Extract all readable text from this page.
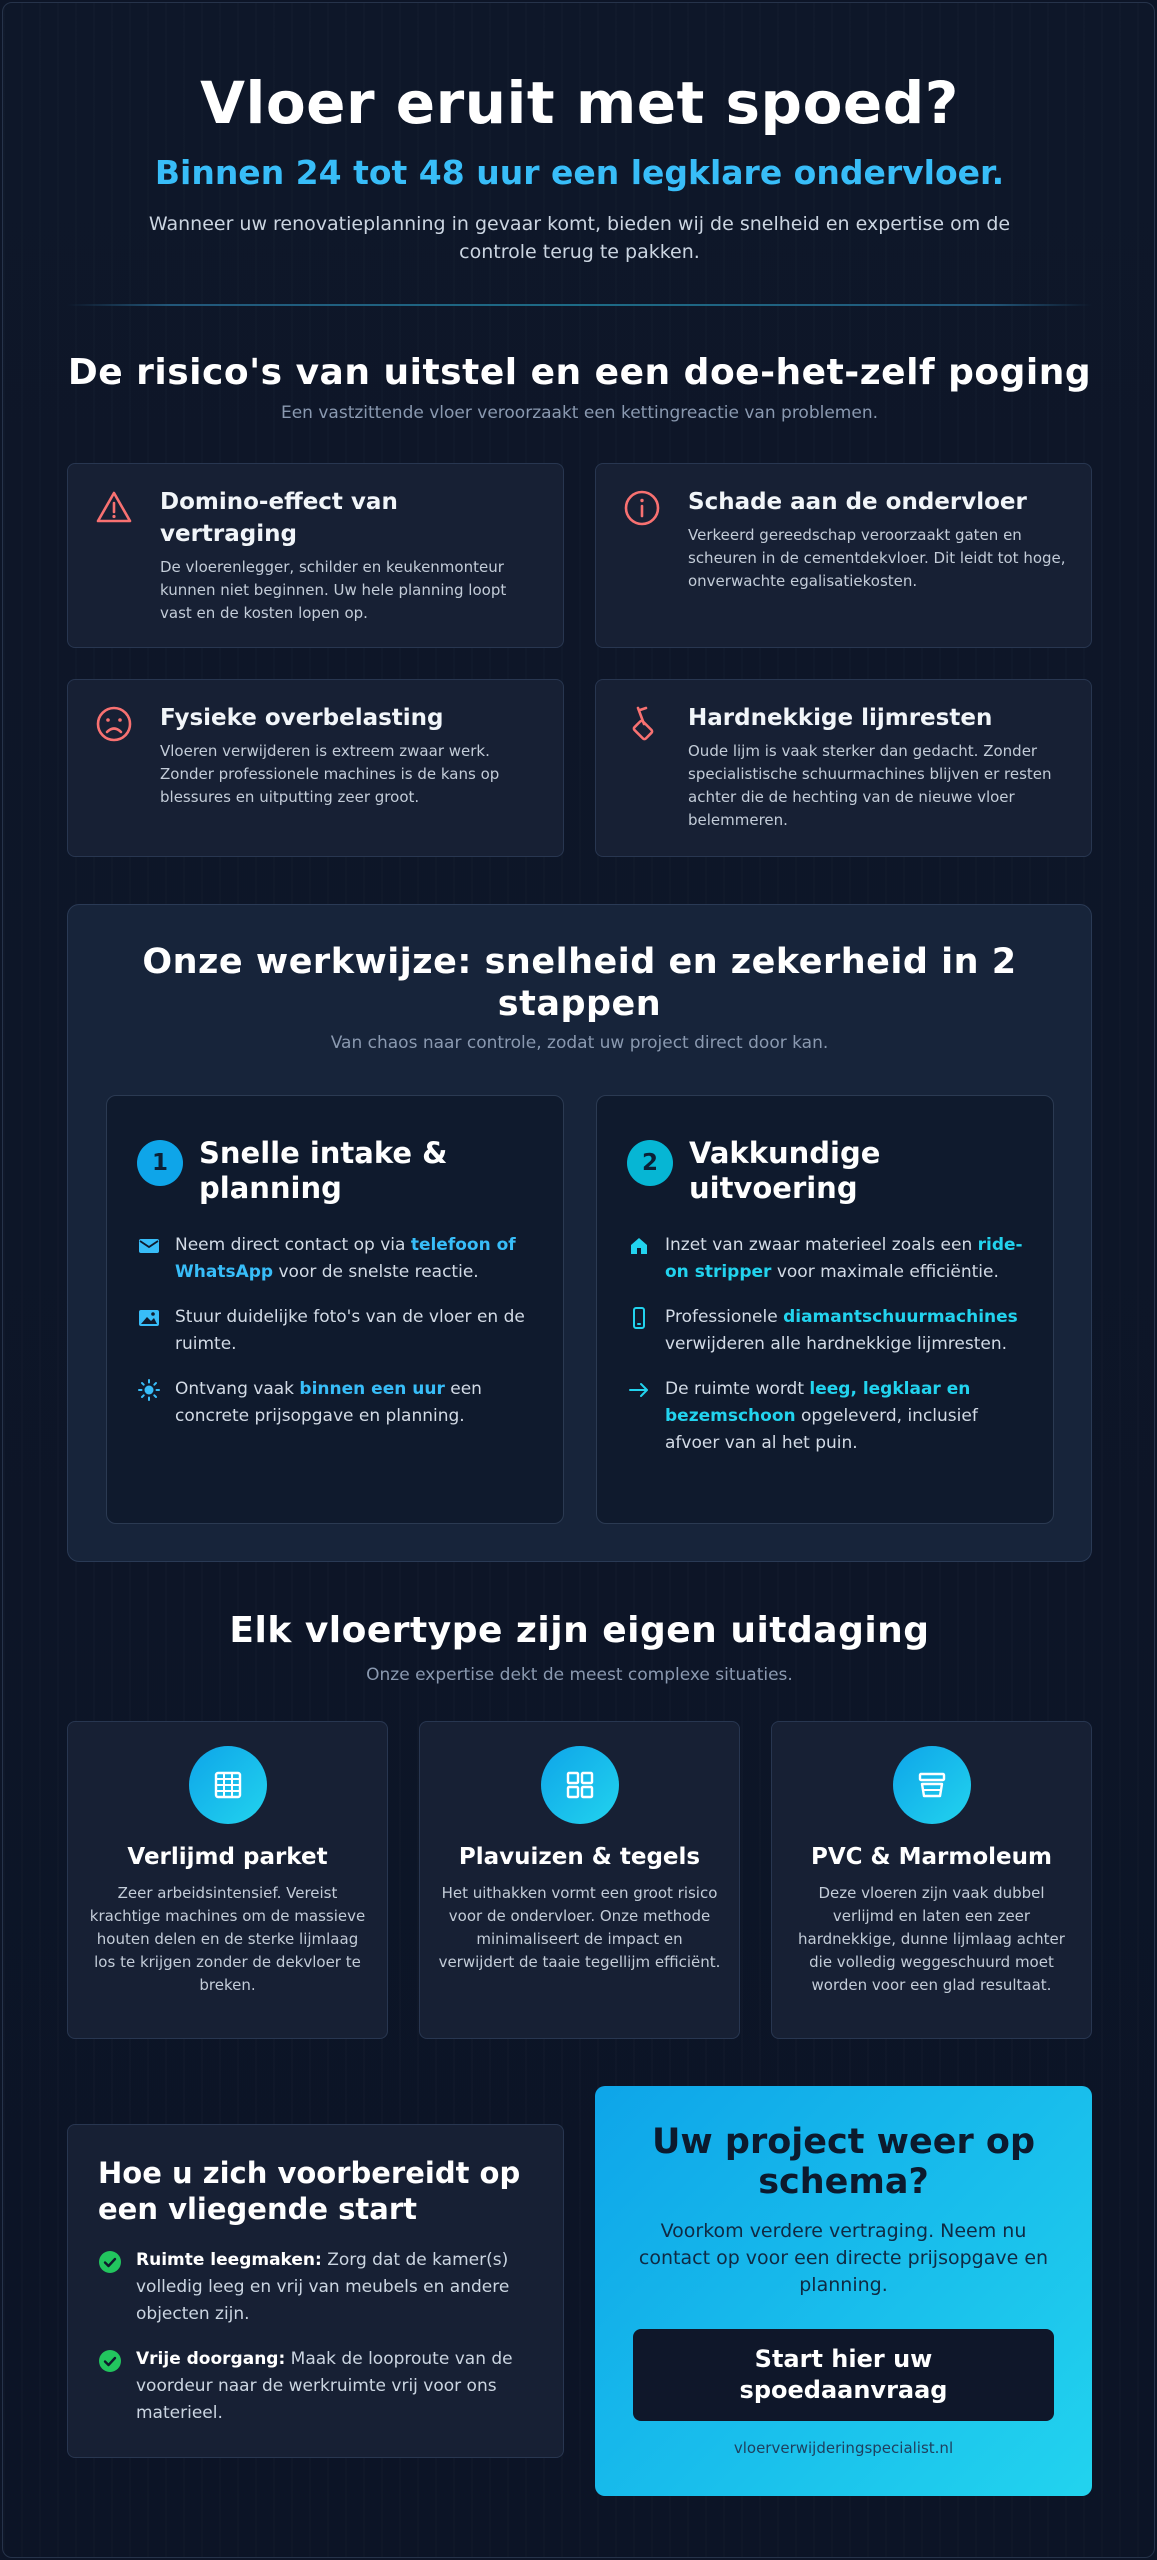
Vloer eruit met spoed?
Binnen 24 tot 48 uur een legklare ondervloer.

Wanneer uw renovatieplanning in gevaar komt, bieden wij de snelheid en expertise om de controle terug te pakken.

De risico's van uitstel en een doe-het-zelf poging

Een vastzittende vloer veroorzaakt een kettingreactie van problemen.

Domino-effect van vertraging
De vloerenlegger, schilder en keukenmonteur kunnen niet beginnen. Uw hele planning loopt vast en de kosten lopen op.
Schade aan de ondervloer
Verkeerd gereedschap veroorzaakt gaten en scheuren in de cementdekvloer. Dit leidt tot hoge, onverwachte egalisatiekosten.
Fysieke overbelasting
Vloeren verwijderen is extreem zwaar werk. Zonder professionele machines is de kans op blessures en uitputting zeer groot.
Hardnekkige lijmresten
Oude lijm is vaak sterker dan gedacht. Zonder specialistische schuurmachines blijven er resten achter die de hechting van de nieuwe vloer belemmeren.
Onze werkwijze: snelheid en zekerheid in 2 stappen

Van chaos naar controle, zodat uw project direct door kan.

1	Snelle intake & planning
Neem direct contact op via telefoon of WhatsApp voor de snelste reactie.
Stuur duidelijke foto's van de vloer en de ruimte.
Ontvang vaak binnen een uur een concrete prijsopgave en planning.
2	Vakkundige uitvoering
Inzet van zwaar materieel zoals een ride-on stripper voor maximale efficiëntie.
Professionele diamantschuurmachines verwijderen alle hardnekkige lijmresten.
De ruimte wordt leeg, legklaar en bezemschoon opgeleverd, inclusief afvoer van al het puin.
Elk vloertype zijn eigen uitdaging

Onze expertise dekt de meest complexe situaties.

Verlijmd parket
Zeer arbeidsintensief. Vereist krachtige machines om de massieve houten delen en de sterke lijmlaag los te krijgen zonder de dekvloer te breken.
Plavuizen & tegels
Het uithakken vormt een groot risico voor de ondervloer. Onze methode minimaliseert de impact en verwijdert de taaie tegellijm efficiënt.
PVC & Marmoleum
Deze vloeren zijn vaak dubbel verlijmd en laten een zeer hardnekkige, dunne lijmlaag achter die volledig weggeschuurd moet worden voor een glad resultaat.
Hoe u zich voorbereidt op een vliegende start
Ruimte leegmaken: Zorg dat de kamer(s) volledig leeg en vrij van meubels en andere objecten zijn.
Vrije doorgang: Maak de looproute van de voordeur naar de werkruimte vrij voor ons materieel.
Uw project weer op schema?

Voorkom verdere vertraging. Neem nu contact op voor een directe prijsopgave en planning.

Start hier uw spoedaanvraag
vloerverwijderingspecialist.nl
